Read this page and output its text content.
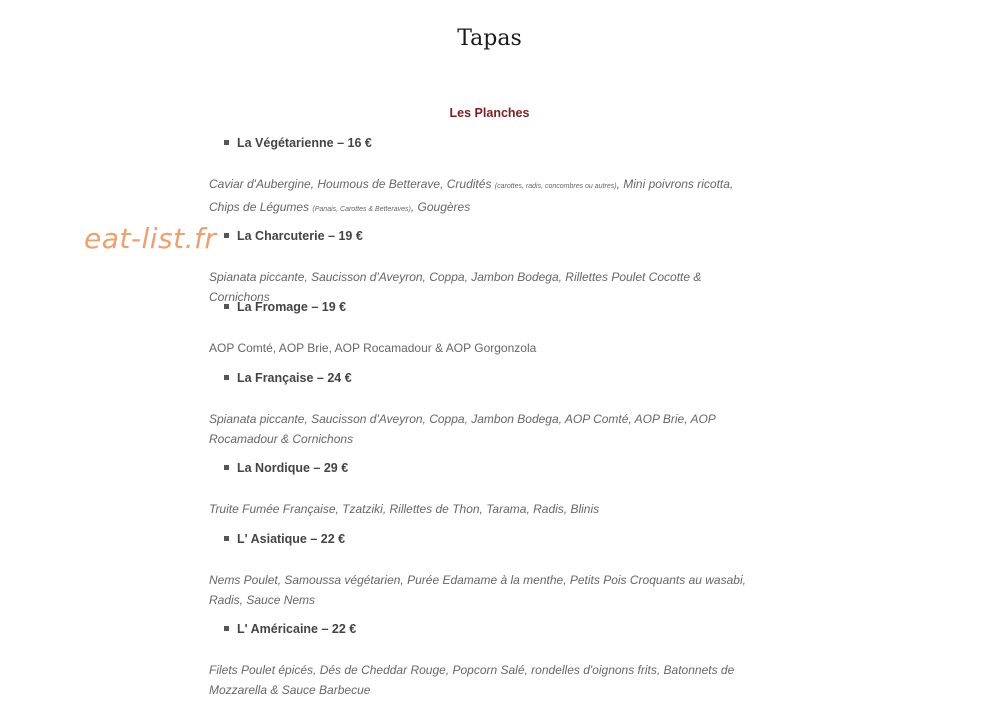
Tapas
Les Planches
eat-list.fr
La Végétarienne – 16 €
Caviar d'Aubergine, Houmous de Betterave, Crudités (carottes, radis, concombres ou autres), Mini poivrons ricotta, Chips de Légumes (Panais, Carottes & Betteraves), Gougères
La Charcuterie – 19 €
Spianata piccante, Saucisson d'Aveyron, Coppa, Jambon Bodega, Rillettes Poulet Cocotte & Cornichons
La Fromage – 19 €
AOP Comté, AOP Brie, AOP Rocamadour & AOP Gorgonzola
La Française – 24 €
Spianata piccante, Saucisson d'Aveyron, Coppa, Jambon Bodega, AOP Comté, AOP Brie, AOP Rocamadour & Cornichons
La Nordique – 29 €
Truite Fumée Française, Tzatziki, Rillettes de Thon, Tarama, Radis, Blinis
L' Asiatique – 22 €
Nems Poulet, Samoussa végétarien, Purée Edamame à la menthe, Petits Pois Croquants au wasabi, Radis, Sauce Nems
L' Américaine – 22 €
Filets Poulet épicés, Dés de Cheddar Rouge, Popcorn Salé, rondelles d'oignons frits, Batonnets de Mozzarella & Sauce Barbecue
